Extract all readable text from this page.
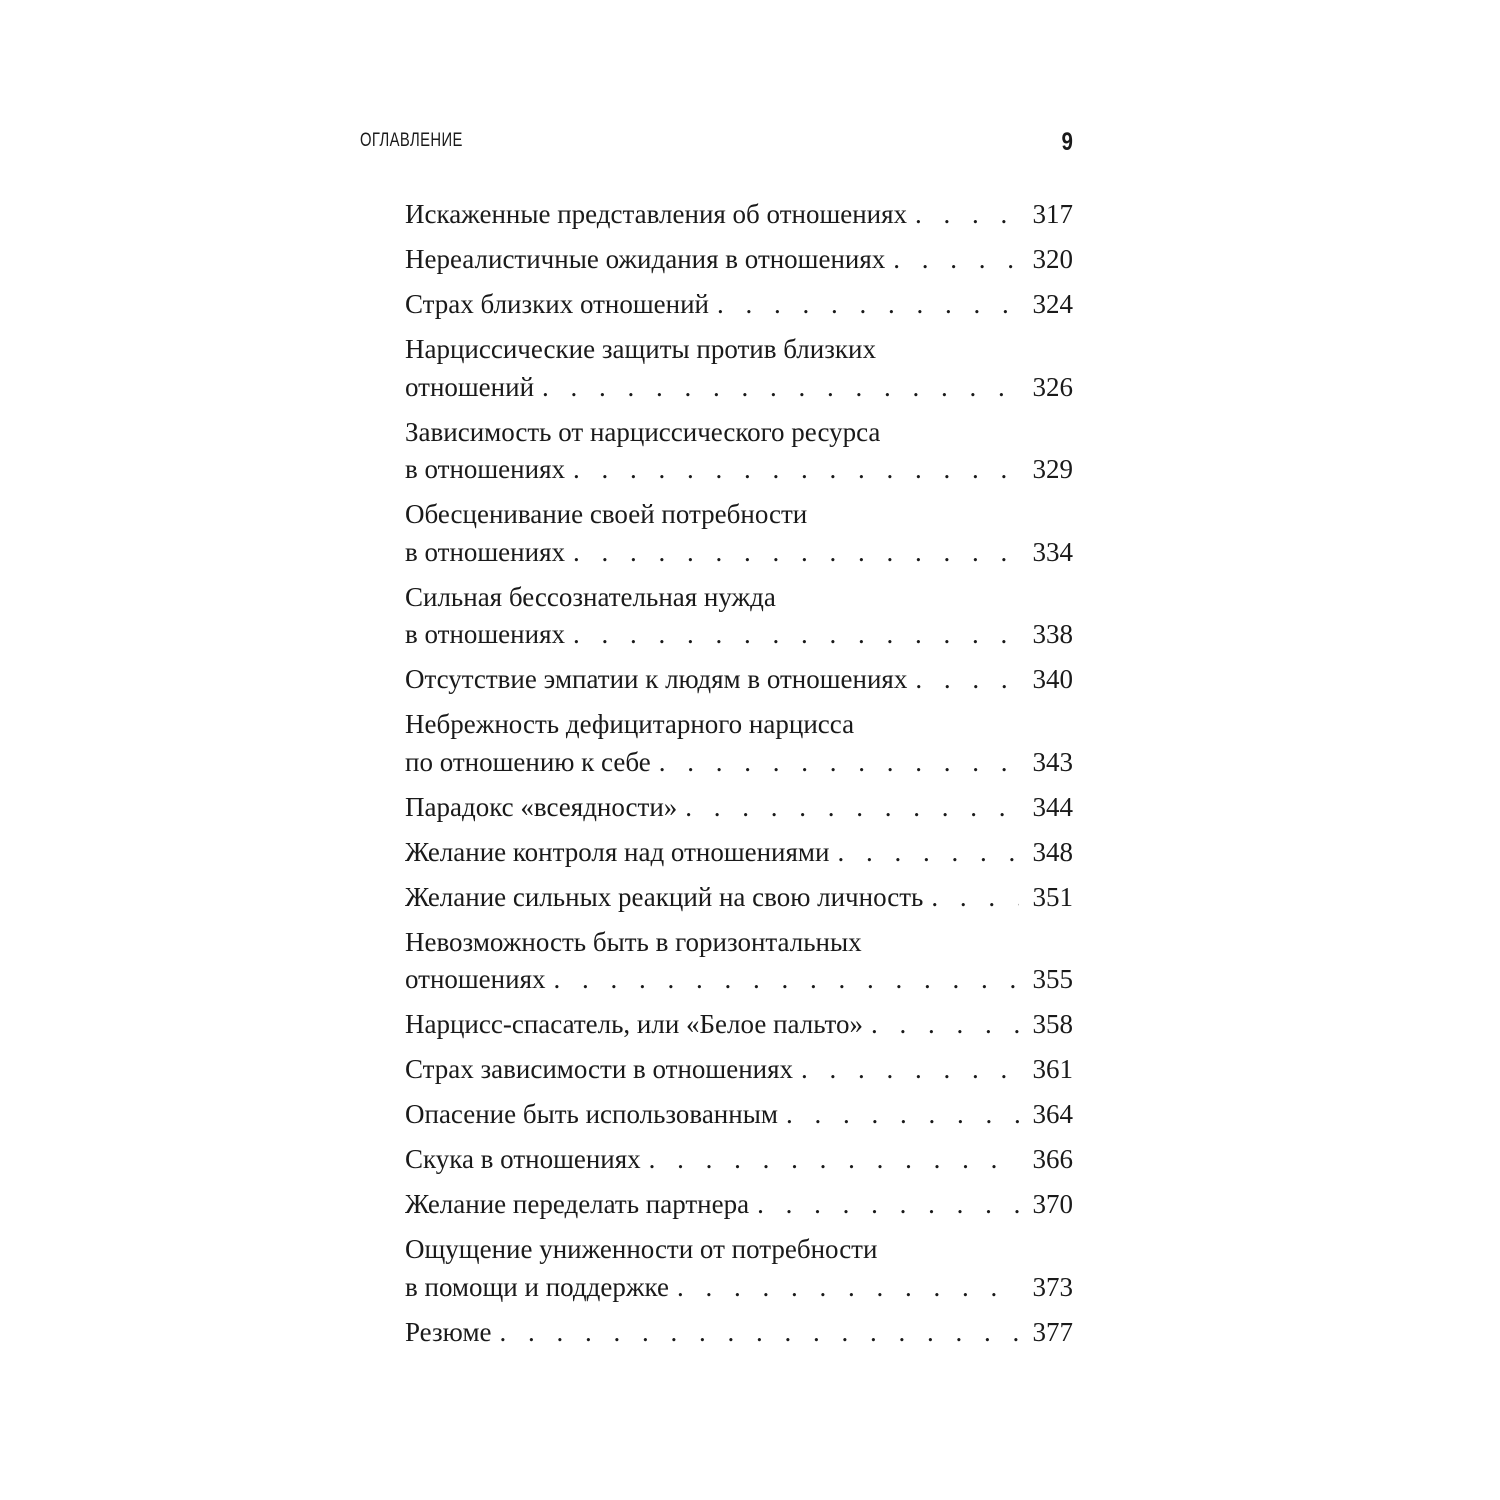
ОГЛАВЛЕНИЕ	9
Искаженные представления об отношениях . . .	317
Нереалистичные ожидания в отношениях . . .	320
Страх близких отношений . . .	324
Нарциссические защиты против близких
отношений . . .	326
Зависимость от нарциссического ресурса
в отношениях . . .	329
Обесценивание своей потребности
в отношениях . . .	334
Сильная бессознательная нужда
в отношениях . . .	338
Отсутствие эмпатии к людям в отношениях . . .	340
Небрежность дефицитарного нарцисса
по отношению к себе . . .	343
Парадокс «всеядности» . . .	344
Желание контроля над отношениями . . .	348
Желание сильных реакций на свою личность . . .	351
Невозможность быть в горизонтальных
отношениях . . .	355
Нарцисс-спасатель, или «Белое пальто» . . .	358
Страх зависимости в отношениях . . .	361
Опасение быть использованным . . .	364
Скука в отношениях . . .	366
Желание переделать партнера . . .	370
Ощущение униженности от потребности
в помощи и поддержке . . .	373
Резюме . . .	377
